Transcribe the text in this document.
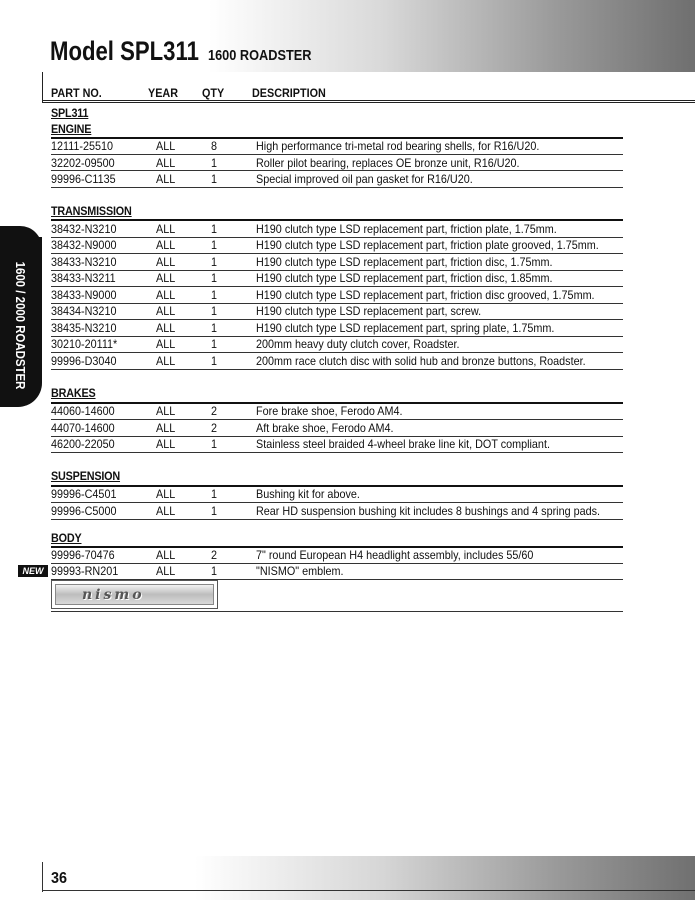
Model SPL311 1600 ROADSTER
PART NO.	YEAR QTY DESCRIPTION
1600 / 2000 ROADSTER
SPL311
ENGINE
12111-25510	ALL	8	High performance tri-metal rod bearing shells, for R16/U20.
32202-09500	ALL	1	Roller pilot bearing, replaces OE bronze unit, R16/U20.
99996-C1135	ALL	1	Special improved oil pan gasket for R16/U20.
TRANSMISSION
38432-N3210	ALL	1	H190 clutch type LSD replacement part, friction plate, 1.75mm.
38432-N9000	ALL	1	H190 clutch type LSD replacement part, friction plate grooved, 1.75mm.
38433-N3210	ALL	1	H190 clutch type LSD replacement part, friction disc, 1.75mm.
38433-N3211	ALL	1	H190 clutch type LSD replacement part, friction disc, 1.85mm.
38433-N9000	ALL	1	H190 clutch type LSD replacement part, friction disc grooved, 1.75mm.
38434-N3210	ALL	1	H190 clutch type LSD replacement part, screw.
38435-N3210	ALL	1	H190 clutch type LSD replacement part, spring plate, 1.75mm.
30210-20111*	ALL	1	200mm heavy duty clutch cover, Roadster.
99996-D3040	ALL	1	200mm race clutch disc with solid hub and bronze buttons, Roadster.
BRAKES
44060-14600	ALL	2	Fore brake shoe, Ferodo AM4.
44070-14600	ALL	2	Aft brake shoe, Ferodo AM4.
46200-22050	ALL	1	Stainless steel braided 4-wheel brake line kit, DOT compliant.
SUSPENSION
99996-C4501	ALL	1	Bushing kit for above.
99996-C5000	ALL	1	Rear HD suspension bushing kit includes 8 bushings and 4 spring pads.
BODY
99996-70476	ALL	2	7" round European H4 headlight assembly, includes 55/60
99993-RN201	ALL	1	"NISMO" emblem.
NEW
nismo
36
